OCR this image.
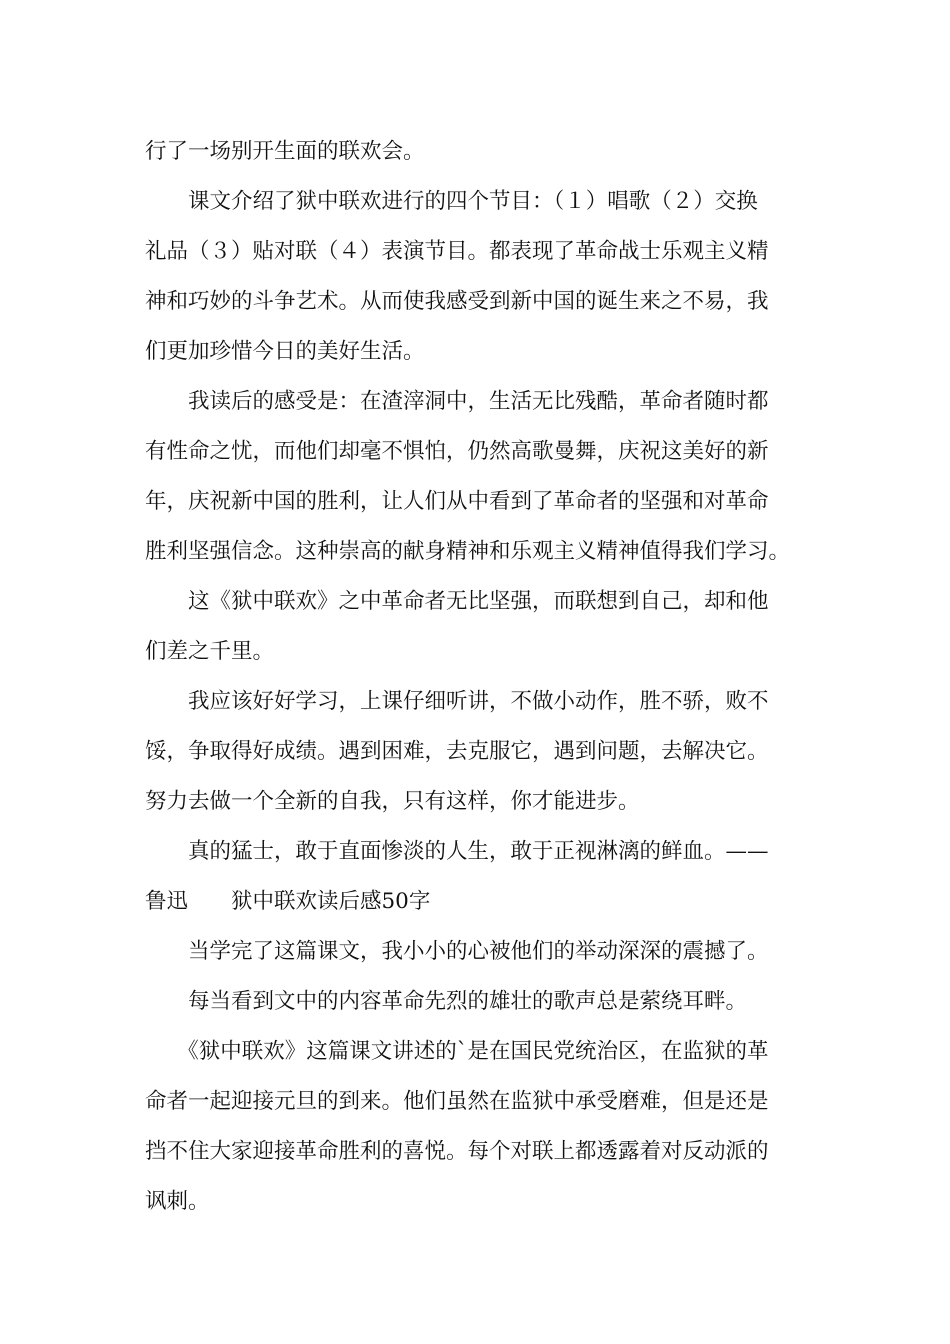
行了一场别开生面的联欢会。
　　课文介绍了狱中联欢进行的四个节目：（１）唱歌（２）交换
礼品（３）贴对联（４）表演节目。都表现了革命战士乐观主义精
神和巧妙的斗争艺术。从而使我感受到新中国的诞生来之不易，我
们更加珍惜今日的美好生活。
　　我读后的感受是：在渣滓洞中，生活无比残酷，革命者随时都
有性命之忧，而他们却毫不惧怕，仍然高歌曼舞，庆祝这美好的新
年，庆祝新中国的胜利，让人们从中看到了革命者的坚强和对革命
胜利坚强信念。这种崇高的献身精神和乐观主义精神值得我们学习。
　　这《狱中联欢》之中革命者无比坚强，而联想到自己，却和他
们差之千里。
　　我应该好好学习，上课仔细听讲，不做小动作，胜不骄，败不
馁，争取得好成绩。遇到困难，去克服它，遇到问题，去解决它。
努力去做一个全新的自我，只有这样，你才能进步。
　　真的猛士，敢于直面惨淡的人生，敢于正视淋漓的鲜血。——
鲁迅　　狱中联欢读后感50字
　　当学完了这篇课文，我小小的心被他们的举动深深的震撼了。
　　每当看到文中的内容革命先烈的雄壮的歌声总是萦绕耳畔。
　　《狱中联欢》这篇课文讲述的`是在国民党统治区，在监狱的革
命者一起迎接元旦的到来。他们虽然在监狱中承受磨难，但是还是
挡不住大家迎接革命胜利的喜悦。每个对联上都透露着对反动派的
讽刺。
